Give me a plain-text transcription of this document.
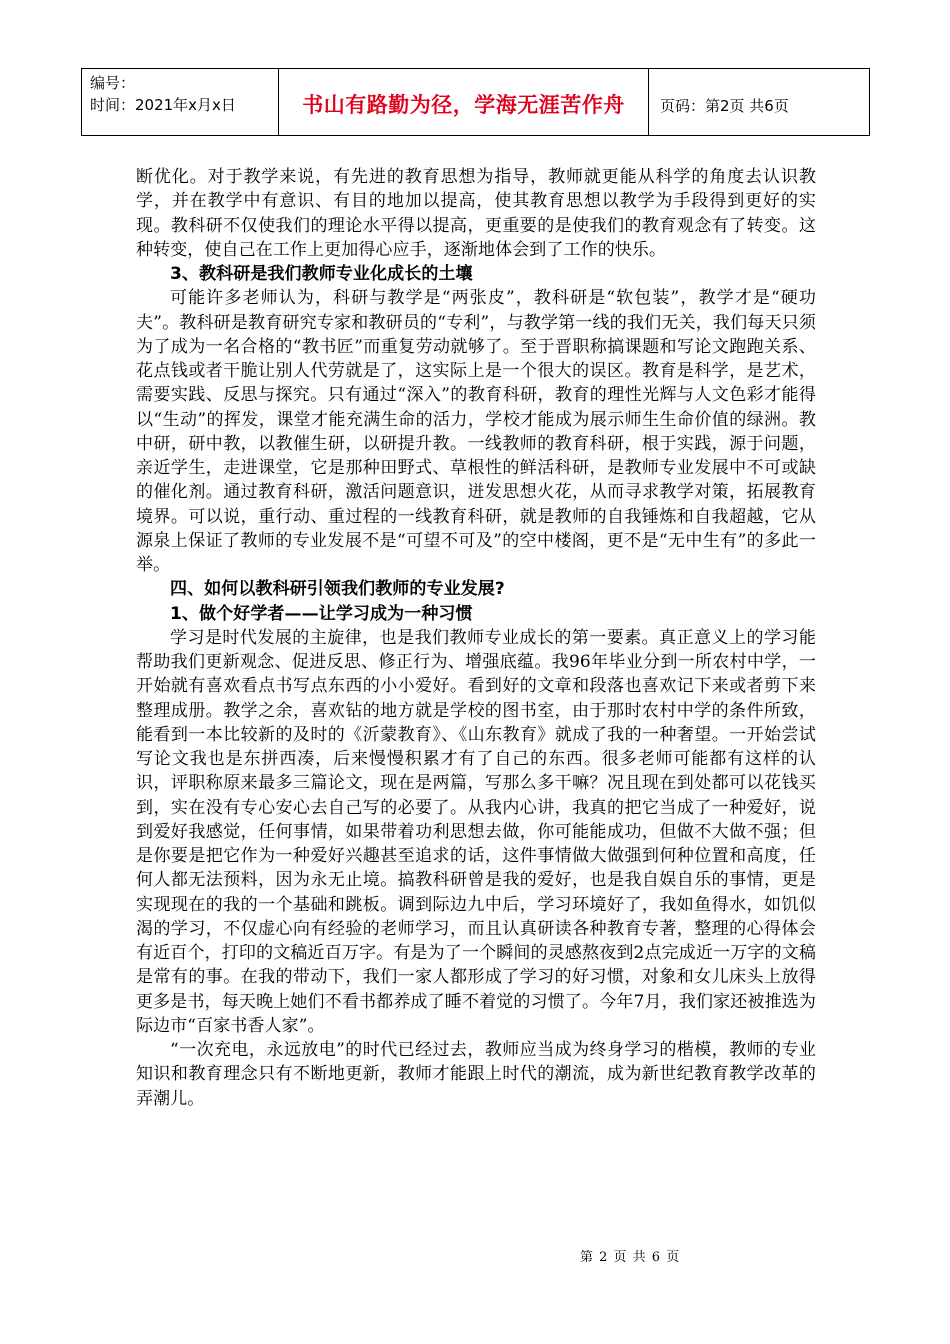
编号：
时间：2021年x月x日	书山有路勤为径，学海无涯苦作舟	页码：第2页 共6页

断优化。对于教学来说，有先进的教育思想为指导，教师就更能从科学的角度去认识教学，并在教学中有意识、有目的地加以提高，使其教育思想以教学为手段得到更好的实现。教科研不仅使我们的理论水平得以提高，更重要的是使我们的教育观念有了转变。这种转变，使自己在工作上更加得心应手，逐渐地体会到了工作的快乐。

3、教科研是我们教师专业化成长的土壤

可能许多老师认为，科研与教学是“两张皮”，教科研是“软包装”，教学才是“硬功夫”。教科研是教育研究专家和教研员的“专利”，与教学第一线的我们无关，我们每天只须为了成为一名合格的“教书匠”而重复劳动就够了。至于晋职称搞课题和写论文跑跑关系、花点钱或者干脆让别人代劳就是了，这实际上是一个很大的误区。教育是科学，是艺术，需要实践、反思与探究。只有通过“深入”的教育科研，教育的理性光辉与人文色彩才能得以“生动”的挥发，课堂才能充满生命的活力，学校才能成为展示师生生命价值的绿洲。教中研，研中教，以教催生研，以研提升教。一线教师的教育科研，根于实践，源于问题，亲近学生，走进课堂，它是那种田野式、草根性的鲜活科研，是教师专业发展中不可或缺的催化剂。通过教育科研，激活问题意识，迸发思想火花，从而寻求教学对策，拓展教育境界。可以说，重行动、重过程的一线教育科研，就是教师的自我锤炼和自我超越，它从源泉上保证了教师的专业发展不是“可望不可及”的空中楼阁，更不是“无中生有”的多此一举。

四、如何以教科研引领我们教师的专业发展?

1、做个好学者——让学习成为一种习惯

学习是时代发展的主旋律，也是我们教师专业成长的第一要素。真正意义上的学习能帮助我们更新观念、促进反思、修正行为、增强底蕴。我96年毕业分到一所农村中学，一开始就有喜欢看点书写点东西的小小爱好。看到好的文章和段落也喜欢记下来或者剪下来整理成册。教学之余，喜欢钻的地方就是学校的图书室，由于那时农村中学的条件所致，能看到一本比较新的及时的《沂蒙教育》、《山东教育》就成了我的一种奢望。一开始尝试写论文我也是东拼西凑，后来慢慢积累才有了自己的东西。很多老师可能都有这样的认识，评职称原来最多三篇论文，现在是两篇，写那么多干嘛？况且现在到处都可以花钱买到，实在没有专心安心去自己写的必要了。从我内心讲，我真的把它当成了一种爱好，说到爱好我感觉，任何事情，如果带着功利思想去做，你可能能成功，但做不大做不强；但是你要是把它作为一种爱好兴趣甚至追求的话，这件事情做大做强到何种位置和高度，任何人都无法预料，因为永无止境。搞教科研曾是我的爱好，也是我自娱自乐的事情，更是实现现在的我的一个基础和跳板。调到际边九中后，学习环境好了，我如鱼得水，如饥似渴的学习，不仅虚心向有经验的老师学习，而且认真研读各种教育专著，整理的心得体会有近百个，打印的文稿近百万字。有是为了一个瞬间的灵感熬夜到2点完成近一万字的文稿是常有的事。在我的带动下，我们一家人都形成了学习的好习惯，对象和女儿床头上放得更多是书，每天晚上她们不看书都养成了睡不着觉的习惯了。今年7月，我们家还被推选为际边市“百家书香人家”。

“一次充电，永远放电”的时代已经过去，教师应当成为终身学习的楷模，教师的专业知识和教育理念只有不断地更新，教师才能跟上时代的潮流，成为新世纪教育教学改革的弄潮儿。

第 2 页 共 6 页
